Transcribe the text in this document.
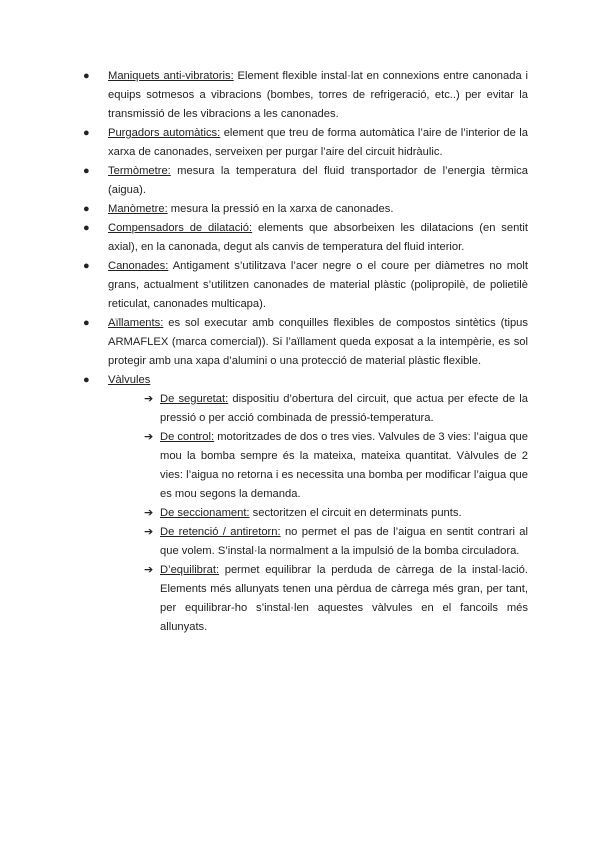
● Maniquets anti-vibratoris: Element flexible instal·lat en connexions entre canonada i equips sotmesos a vibracions (bombes, torres de refrigeració, etc..) per evitar la transmissió de les vibracions a les canonades.
● Purgadors automàtics: element que treu de forma automàtica l’aire de l’interior de la xarxa de canonades, serveixen per purgar l’aire del circuit hidràulic.
● Termòmetre: mesura la temperatura del fluid transportador de l’energia tèrmica (aigua).
● Manòmetre: mesura la pressió en la xarxa de canonades.
● Compensadors de dilatació: elements que absorbeixen les dilatacions (en sentit axial), en la canonada, degut als canvis de temperatura del fluid interior.
● Canonades: Antigament s’utilitzava l’acer negre o el coure per diàmetres no molt grans, actualment s’utilitzen canonades de material plàstic (polipropilè, de polietilè reticulat, canonades multicapa).
● Aïllaments: es sol executar amb conquilles flexibles de compostos sintètics (tipus ARMAFLEX (marca comercial)). Si l’aïllament queda exposat a la intempèrie, es sol protegir amb una xapa d’alumini o una protecció de material plàstic flexible.
● Vàlvules
➔ De seguretat: dispositiu d’obertura del circuit, que actua per efecte de la pressió o per acció combinada de pressió-temperatura.
➔ De control: motoritzades de dos o tres vies. Valvules de 3 vies: l’aigua que mou la bomba sempre és la mateixa, mateixa quantitat. Vàlvules de 2 vies: l’aigua no retorna i es necessita una bomba per modificar l’aigua que es mou segons la demanda.
➔ De seccionament: sectoritzen el circuit en determinats punts.
➔ De retenció / antiretorn: no permet el pas de l’aigua en sentit contrari al que volem. S’instal·la normalment a la impulsió de la bomba circuladora.
➔ D’equilibrat: permet equilibrar la perduda de càrrega de la instal·lació. Elements més allunyats tenen una pèrdua de càrrega més gran, per tant, per equilibrar-ho s’instal·len aquestes vàlvules en el fancoils més allunyats.
